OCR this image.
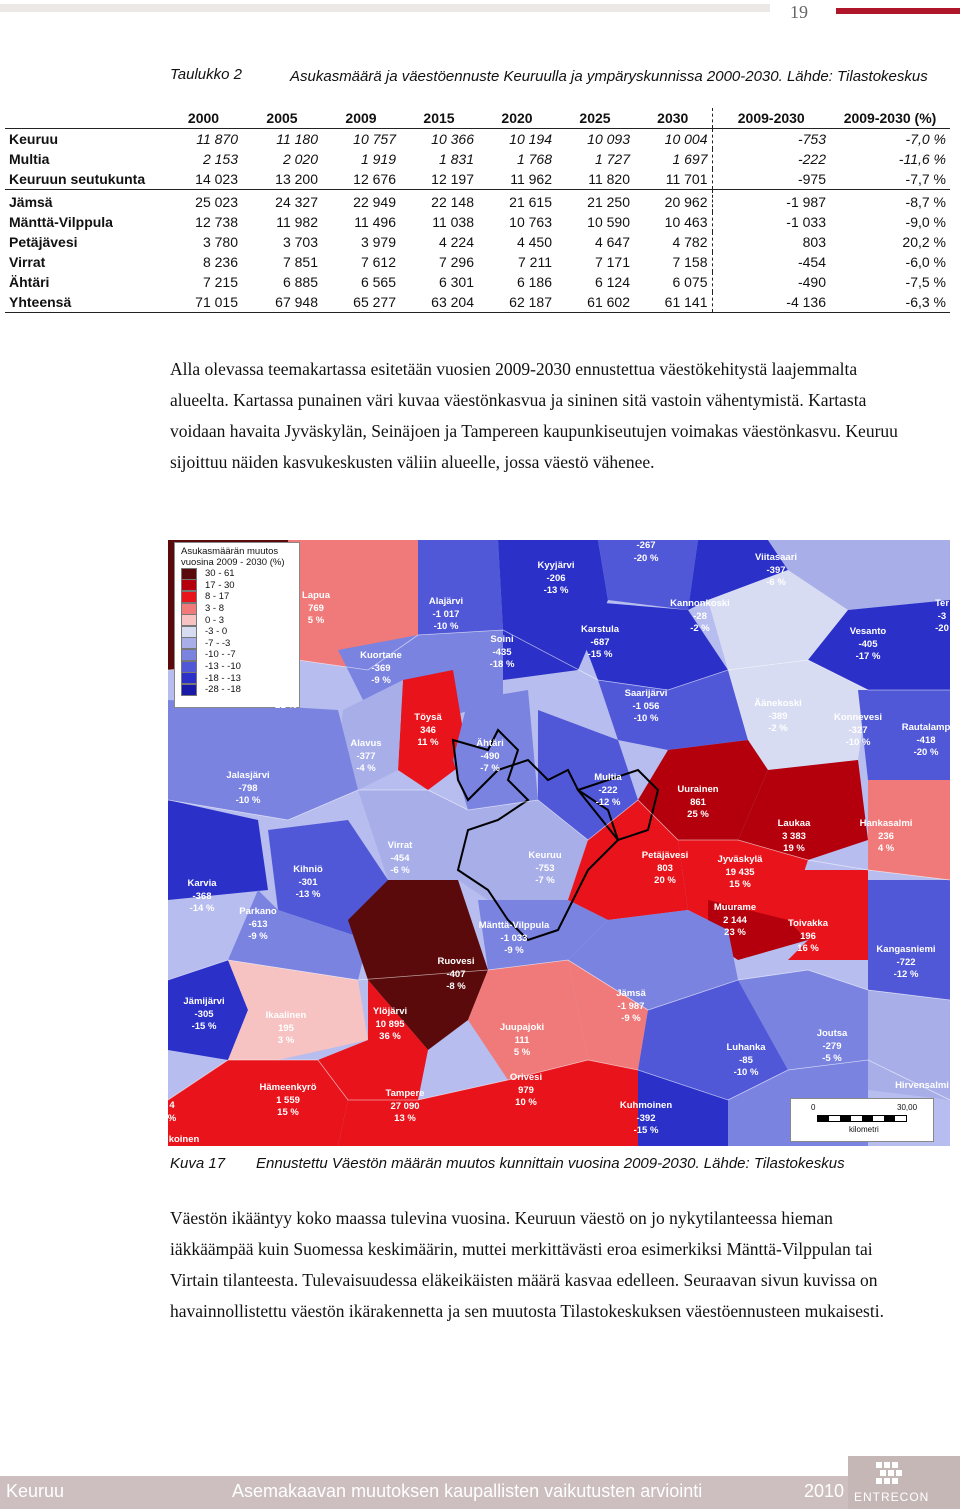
19
Taulukko 2	Asukasmäärä ja väestöennuste Keuruulla ja ympäryskunnissa 2000-2030. Lähde: Tilastokeskus
	2000	2005	2009	2015	2020	2025	2030	2009-2030	2009-2030 (%)
Keuruu	11 870	11 180	10 757	10 366	10 194	10 093	10 004	-753	-7,0 %
Multia	2 153	2 020	1 919	1 831	1 768	1 727	1 697	-222	-11,6 %
Keuruun seutukunta	14 023	13 200	12 676	12 197	11 962	11 820	11 701	-975	-7,7 %
Jämsä	25 023	24 327	22 949	22 148	21 615	21 250	20 962	-1 987	-8,7 %
Mänttä-Vilppula	12 738	11 982	11 496	11 038	10 763	10 590	10 463	-1 033	-9,0 %
Petäjävesi	3 780	3 703	3 979	4 224	4 450	4 647	4 782	803	20,2 %
Virrat	8 236	7 851	7 612	7 296	7 211	7 171	7 158	-454	-6,0 %
Ähtäri	7 215	6 885	6 565	6 301	6 186	6 124	6 075	-490	-7,5 %
Yhteensä	71 015	67 948	65 277	63 204	62 187	61 602	61 141	-4 136	-6,3 %
Alla olevassa teemakartassa esitetään vuosien 2009-2030 ennustettua väestökehitystä laajemmalta alueelta. Kartassa punainen väri kuvaa väestönkasvua ja sininen sitä vastoin vähentymistä. Kartasta voidaan havaita Jyväskylän, Seinäjoen ja Tampereen kaupunkiseutujen voimakas väestönkasvu. Keuruu sijoittuu näiden kasvukeskusten väliin alueelle, jossa väestö vähenee.
Asukasmäärän muutos vuosina 2009 - 2030 (%)
30 - 61
17 - 30
8 - 17
3 - 8
0 - 3
-3 - 0
-7 - -3
-10 - -7
-13 - -10
-18 - -13
-28 - -18
Lapua
769
5 %
-267
-20 %
Kyyjärvi
-206
-13 %
Viitasaari
-397
-6 %
Alajärvi
-1 017
-10 %
Soini
-435
-18 %
Karstula
-687
-15 %
Kannonkoski
-28
-2 %	Vesanto
-405
-17 %
Kuortane
-369
-9 %
Saarijärvi
-1 056
-10 %
Äänekoski
-389
-2 %
Konnevesi
-327
-10 %
Rautalamp
-418
-20 %
Töysä
346
11 %
Alavus
-377
-4 %
Ähtäri
-490
-7 %
Multia
-222
-12 %
Jalasjärvi
-798
-10 %
Uurainen
861
25 %
Laukaa
3 383
19 %
Hankasalmi
236
4 %
Virrat
-454
-6 %
Keuruu
-753
-7 %
Petäjävesi
803
20 %
Jyväskylä
19 435
15 %
Kihniö
-301
-13 %
Karvia
-368
-14 %	Parkano
-613
-9 %
Muurame
2 144
23 %
Toivakka
196
16 %
Mänttä-Vilppula
-1 033
-9 %
Ruovesi
-407
-8 %
Kangasniemi
-722
-12 %
Jämsä
-1 987
-9 %
Jämijärvi
-305
-15 %
Ikaalinen
195
3 %
Ylöjärvi
10 895
36 %
Juupajoki
111
5 %
Joutsa
-279
-5 %
Luhanka
-85
-10 %
Orivesi
979
10 %
Hämeenkyrö
1 559
15 %
Tampere
27 090
13 %
Kuhmoinen
-392
-15 %
Hirvensalmi
Ter
-3
-20
21 %
koinen
4
%
0	30,00
kilometri
Kuva 17 Ennustettu Väestön määrän muutos kunnittain vuosina 2009-2030. Lähde: Tilastokeskus
Väestön ikääntyy koko maassa tulevina vuosina. Keuruun väestö on jo nykytilanteessa hieman iäkkäämpää kuin Suomessa keskimäärin, muttei merkittävästi eroa esimerkiksi Mänttä-Vilppulan tai Virtain tilanteesta. Tulevaisuudessa eläkeikäisten määrä kasvaa edelleen. Seuraavan sivun kuvissa on havainnollistettu väestön ikärakennetta ja sen muutosta Tilastokeskuksen väestöennusteen mukaisesti.
Keuruu	Asemakaavan muutoksen kaupallisten vaikutusten arviointi	2010 ENTRECON
